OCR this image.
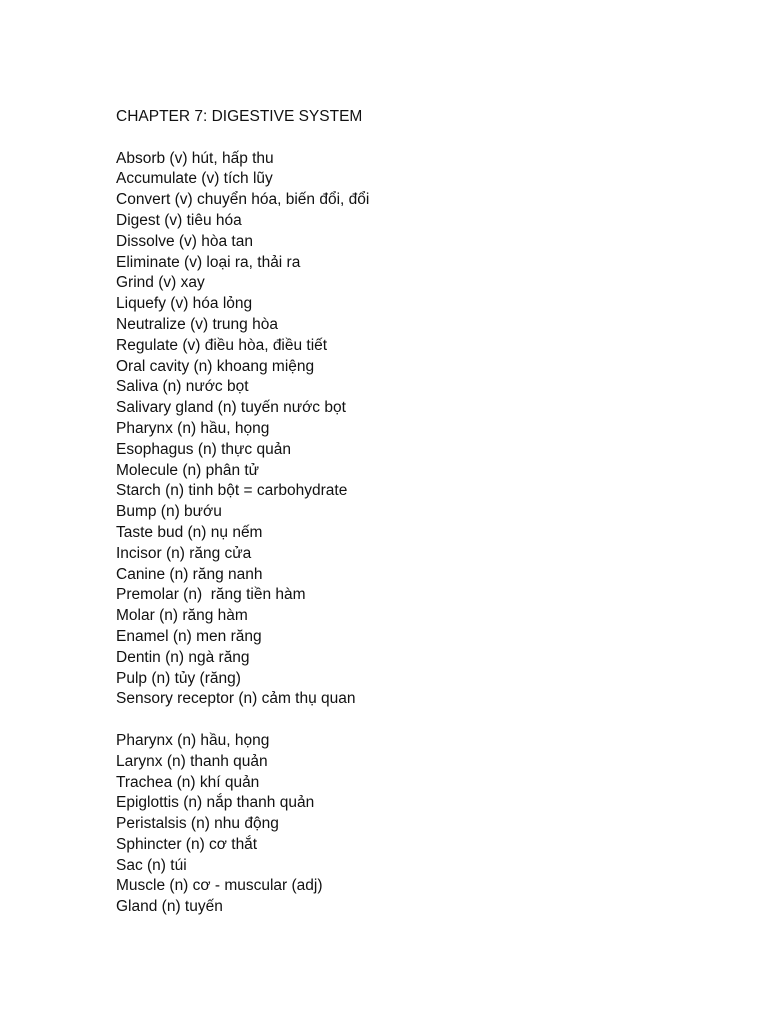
CHAPTER 7: DIGESTIVE SYSTEM
Absorb (v) hút, hấp thu
Accumulate (v) tích lũy
Convert (v) chuyển hóa, biến đổi, đổi
Digest (v) tiêu hóa
Dissolve (v) hòa tan
Eliminate (v) loại ra, thải ra
Grind (v) xay
Liquefy (v) hóa lỏng
Neutralize (v) trung hòa
Regulate (v) điều hòa, điều tiết
Oral cavity (n) khoang miệng
Saliva (n) nước bọt
Salivary gland (n) tuyến nước bọt
Pharynx (n) hầu, họng
Esophagus (n) thực quản
Molecule (n) phân tử
Starch (n) tinh bột = carbohydrate
Bump (n) bướu
Taste bud (n) nụ nếm
Incisor (n) răng cửa
Canine (n) răng nanh
Premolar (n)  răng tiền hàm
Molar (n) răng hàm
Enamel (n) men răng
Dentin (n) ngà răng
Pulp (n) tủy (răng)
Sensory receptor (n) cảm thụ quan
Pharynx (n) hầu, họng
Larynx (n) thanh quản
Trachea (n) khí quản
Epiglottis (n) nắp thanh quản
Peristalsis (n) nhu động
Sphincter (n) cơ thắt
Sac (n) túi
Muscle (n) cơ - muscular (adj)
Gland (n) tuyến
